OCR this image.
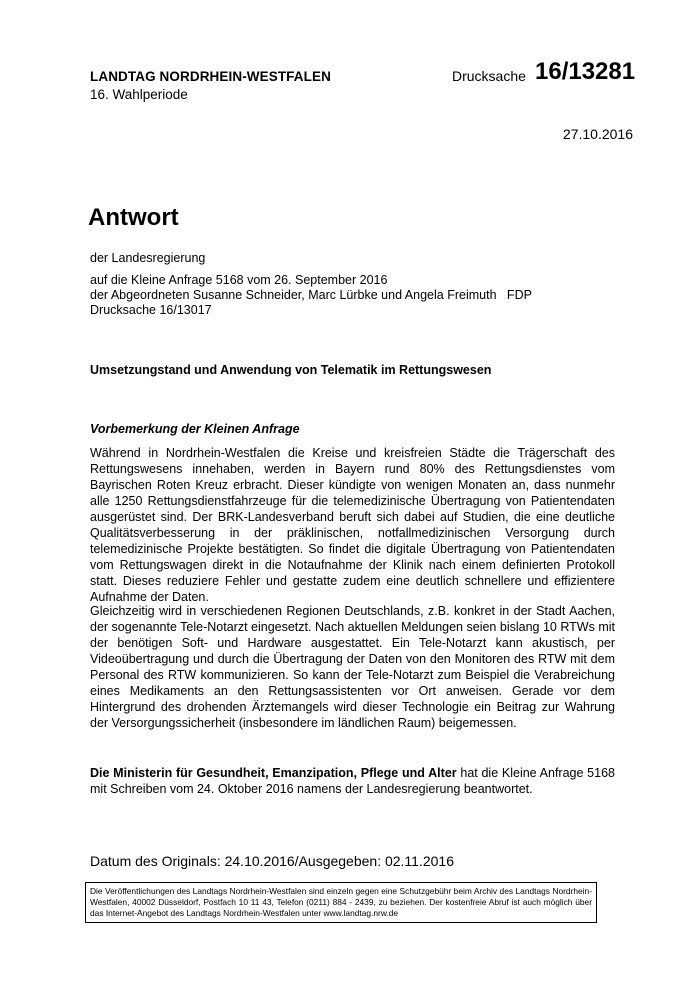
LANDTAG NORDRHEIN-WESTFALEN
16. Wahlperiode
Drucksache 16/13281
27.10.2016
Antwort
der Landesregierung
auf die Kleine Anfrage 5168 vom 26. September 2016
der Abgeordneten Susanne Schneider, Marc Lürbke und Angela Freimuth   FDP
Drucksache 16/13017
Umsetzungstand und Anwendung von Telematik im Rettungswesen
Vorbemerkung der Kleinen Anfrage
Während in Nordrhein-Westfalen die Kreise und kreisfreien Städte die Trägerschaft des Rettungswesens innehaben, werden in Bayern rund 80% des Rettungsdienstes vom Bayrischen Roten Kreuz erbracht. Dieser kündigte von wenigen Monaten an, dass nunmehr alle 1250 Rettungsdienstfahrzeuge für die telemedizinische Übertragung von Patientendaten ausgerüstet sind. Der BRK-Landesverband beruft sich dabei auf Studien, die eine deutliche Qualitätsverbesserung in der präklinischen, notfallmedizinischen Versorgung durch telemedizinische Projekte bestätigten. So findet die digitale Übertragung von Patientendaten vom Rettungswagen direkt in die Notaufnahme der Klinik nach einem definierten Protokoll statt. Dieses reduziere Fehler und gestatte zudem eine deutlich schnellere und effizientere Aufnahme der Daten.
Gleichzeitig wird in verschiedenen Regionen Deutschlands, z.B. konkret in der Stadt Aachen, der sogenannte Tele-Notarzt eingesetzt. Nach aktuellen Meldungen seien bislang 10 RTWs mit der benötigen Soft- und Hardware ausgestattet. Ein Tele-Notarzt kann akustisch, per Videoübertragung und durch die Übertragung der Daten von den Monitoren des RTW mit dem Personal des RTW kommunizieren. So kann der Tele-Notarzt zum Beispiel die Verabreichung eines Medikaments an den Rettungsassistenten vor Ort anweisen. Gerade vor dem Hintergrund des drohenden Ärztemangels wird dieser Technologie ein Beitrag zur Wahrung der Versorgungssicherheit (insbesondere im ländlichen Raum) beigemessen.
Die Ministerin für Gesundheit, Emanzipation, Pflege und Alter hat die Kleine Anfrage 5168 mit Schreiben vom 24. Oktober 2016 namens der Landesregierung beantwortet.
Datum des Originals: 24.10.2016/Ausgegeben: 02.11.2016
Die Veröffentlichungen des Landtags Nordrhein-Westfalen sind einzeln gegen eine Schutzgebühr beim Archiv des Landtags Nordrhein-Westfalen, 40002 Düsseldorf, Postfach 10 11 43, Telefon (0211) 884 - 2439, zu beziehen. Der kostenfreie Abruf ist auch möglich über das Internet-Angebot des Landtags Nordrhein-Westfalen unter www.landtag.nrw.de
